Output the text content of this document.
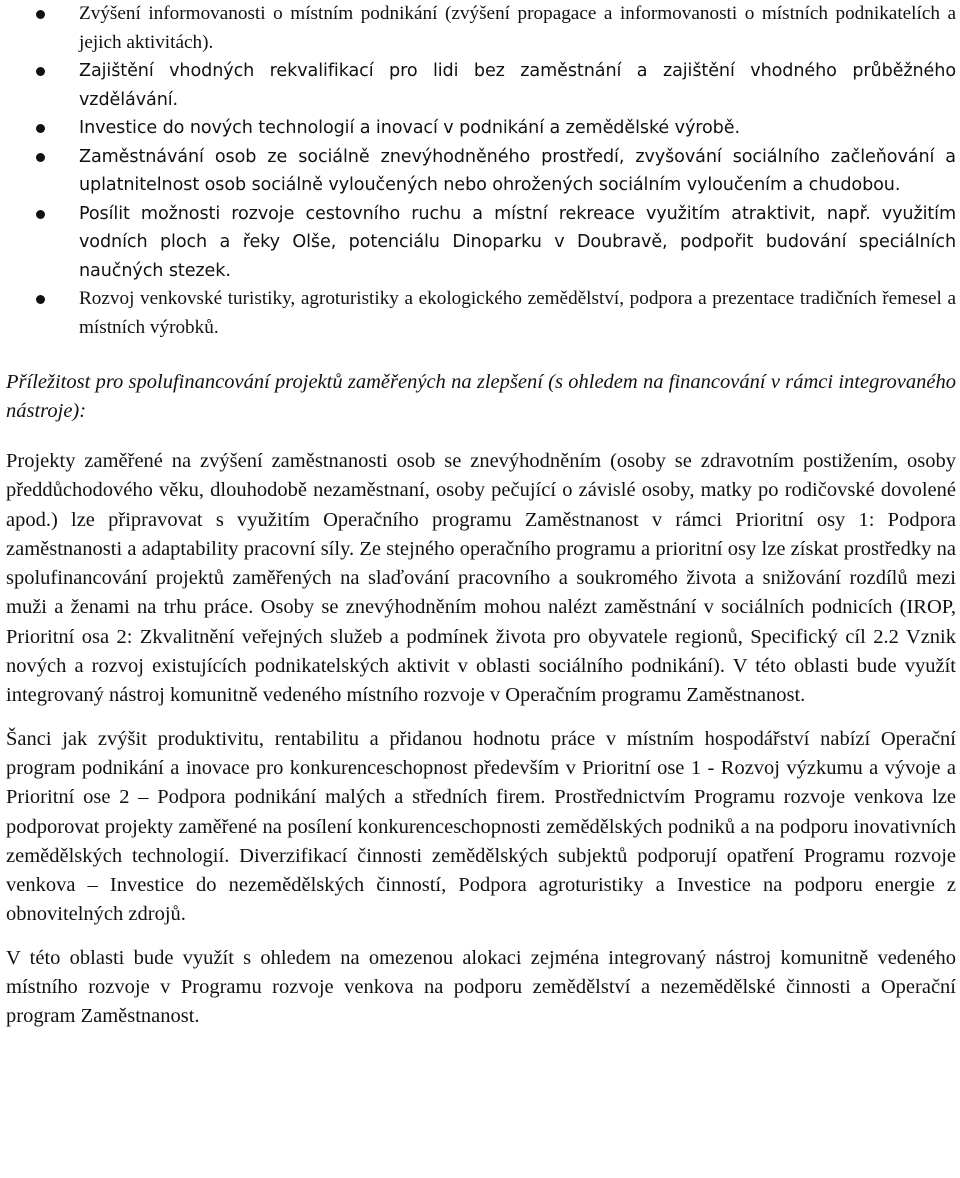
Zvýšení informovanosti o místním podnikání (zvýšení propagace a informovanosti o místních podnikatelích a jejich aktivitách).
Zajištění vhodných rekvalifikací pro lidi bez zaměstnání a zajištění vhodného průběžného vzdělávání.
Investice do nových technologií a inovací v podnikání a zemědělské výrobě.
Zaměstnávání osob ze sociálně znevýhodněného prostředí, zvyšování sociálního začleňování a uplatnitelnost osob sociálně vyloučených nebo ohrožených sociálním vyloučením a chudobou.
Posílit možnosti rozvoje cestovního ruchu a místní rekreace využitím atraktivit, např. využitím vodních ploch a řeky Olše, potenciálu Dinoparku v Doubravě, podpořit budování speciálních naučných stezek.
Rozvoj venkovské turistiky, agroturistiky a ekologického zemědělství, podpora a prezentace tradičních řemesel a místních výrobků.

Příležitost pro spolufinancování projektů zaměřených na zlepšení (s ohledem na financování v rámci integrovaného nástroje):

Projekty zaměřené na zvýšení zaměstnanosti osob se znevýhodněním (osoby se zdravotním postižením, osoby předdůchodového věku, dlouhodobě nezaměstnaní, osoby pečující o závislé osoby, matky po rodičovské dovolené apod.) lze připravovat s využitím Operačního programu Zaměstnanost v rámci Prioritní osy 1: Podpora zaměstnanosti a adaptability pracovní síly. Ze stejného operačního programu a prioritní osy lze získat prostředky na spolufinancování projektů zaměřených na slaďování pracovního a soukromého života a snižování rozdílů mezi muži a ženami na trhu práce. Osoby se znevýhodněním mohou nalézt zaměstnání v sociálních podnicích (IROP, Prioritní osa 2: Zkvalitnění veřejných služeb a podmínek života pro obyvatele regionů, Specifický cíl 2.2 Vznik nových a rozvoj existujících podnikatelských aktivit v oblasti sociálního podnikání). V této oblasti bude využít integrovaný nástroj komunitně vedeného místního rozvoje v Operačním programu Zaměstnanost.

Šanci jak zvýšit produktivitu, rentabilitu a přidanou hodnotu práce v místním hospodářství nabízí Operační program podnikání a inovace pro konkurenceschopnost především v Prioritní ose 1 - Rozvoj výzkumu a vývoje a Prioritní ose 2 – Podpora podnikání malých a středních firem. Prostřednictvím Programu rozvoje venkova lze podporovat projekty zaměřené na posílení konkurenceschopnosti zemědělských podniků a na podporu inovativních zemědělských technologií. Diverzifikací činnosti zemědělských subjektů podporují opatření Programu rozvoje venkova – Investice do nezemědělských činností, Podpora agroturistiky a Investice na podporu energie z obnovitelných zdrojů.

V této oblasti bude využít s ohledem na omezenou alokaci zejména integrovaný nástroj komunitně vedeného místního rozvoje v Programu rozvoje venkova na podporu zemědělství a nezemědělské činnosti a Operační program Zaměstnanost.
